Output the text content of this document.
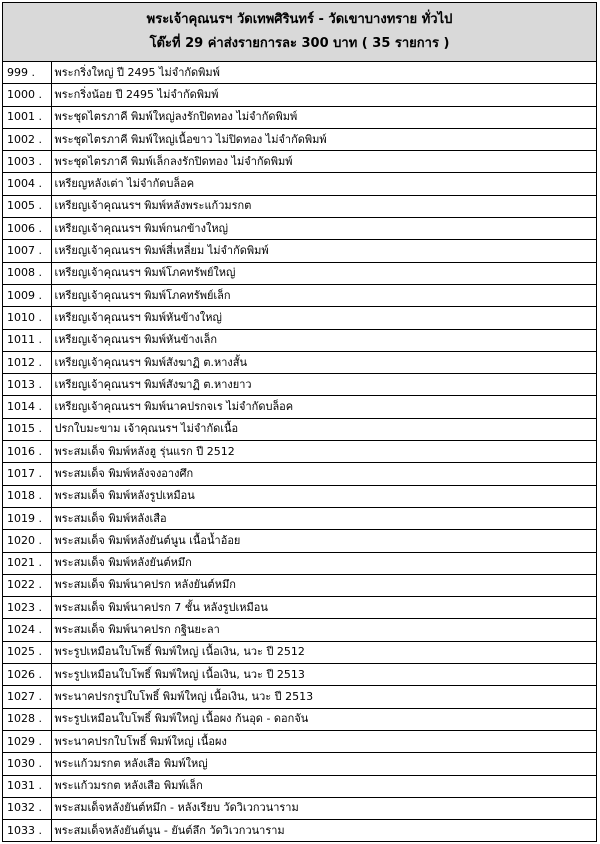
พระเจ้าคุณนรฯ วัดเทพศิรินทร์ - วัดเขาบางทราย ทั่วไป
โต๊ะที่ 29 ค่าส่งรายการละ 300 บาท ( 35 รายการ )
999 .	พระกริ่งใหญ่ ปี 2495 ไม่จำกัดพิมพ์
1000 .	พระกริ่งน้อย ปี 2495 ไม่จำกัดพิมพ์
1001 .	พระชุดไตรภาคี พิมพ์ใหญ่ลงรักปิดทอง ไม่จำกัดพิมพ์
1002 .	พระชุดไตรภาคี พิมพ์ใหญ่เนื้อขาว ไม่ปิดทอง ไม่จำกัดพิมพ์
1003 .	พระชุดไตรภาคี พิมพ์เล็กลงรักปิดทอง ไม่จำกัดพิมพ์
1004 .	เหรียญหลังเต่า ไม่จำกัดบล็อค
1005 .	เหรียญเจ้าคุณนรฯ พิมพ์หลังพระแก้วมรกต
1006 .	เหรียญเจ้าคุณนรฯ พิมพ์กนกข้างใหญ่
1007 .	เหรียญเจ้าคุณนรฯ พิมพ์สี่เหลี่ยม ไม่จำกัดพิมพ์
1008 .	เหรียญเจ้าคุณนรฯ พิมพ์โภคทรัพย์ใหญ่
1009 .	เหรียญเจ้าคุณนรฯ พิมพ์โภคทรัพย์เล็ก
1010 .	เหรียญเจ้าคุณนรฯ พิมพ์หันข้างใหญ่
1011 .	เหรียญเจ้าคุณนรฯ พิมพ์หันข้างเล็ก
1012 .	เหรียญเจ้าคุณนรฯ พิมพ์สังฆาฏิ ต.หางสั้น
1013 .	เหรียญเจ้าคุณนรฯ พิมพ์สังฆาฏิ ต.หางยาว
1014 .	เหรียญเจ้าคุณนรฯ พิมพ์นาคปรกจเร ไม่จำกัดบล็อค
1015 .	ปรกใบมะขาม เจ้าคุณนรฯ ไม่จำกัดเนื้อ
1016 .	พระสมเด็จ พิมพ์หลังฮู รุ่นแรก ปี 2512
1017 .	พระสมเด็จ พิมพ์หลังจงอางศึก
1018 .	พระสมเด็จ พิมพ์หลังรูปเหมือน
1019 .	พระสมเด็จ พิมพ์หลังเสือ
1020 .	พระสมเด็จ พิมพ์หลังยันต์นูน เนื้อน้ำอ้อย
1021 .	พระสมเด็จ พิมพ์หลังยันต์หมึก
1022 .	พระสมเด็จ พิมพ์นาคปรก หลังยันต์หมึก
1023 .	พระสมเด็จ พิมพ์นาคปรก 7 ชั้น หลังรูปเหมือน
1024 .	พระสมเด็จ พิมพ์นาคปรก กฐินยะลา
1025 .	พระรูปเหมือนใบโพธิ์ พิมพ์ใหญ่ เนื้อเงิน, นวะ ปี 2512
1026 .	พระรูปเหมือนใบโพธิ์ พิมพ์ใหญ่ เนื้อเงิน, นวะ ปี 2513
1027 .	พระนาคปรกรูปใบโพธิ์ พิมพ์ใหญ่ เนื้อเงิน, นวะ ปี 2513
1028 .	พระรูปเหมือนใบโพธิ์ พิมพ์ใหญ่ เนื้อผง ก้นอุด - ดอกจัน
1029 .	พระนาคปรกใบโพธิ์ พิมพ์ใหญ่ เนื้อผง
1030 .	พระแก้วมรกต หลังเสือ พิมพ์ใหญ่
1031 .	พระแก้วมรกต หลังเสือ พิมพ์เล็ก
1032 .	พระสมเด็จหลังยันต์หมึก - หลังเรียบ วัดวิเวกวนาราม
1033 .	พระสมเด็จหลังยันต์นูน - ยันต์ลึก วัดวิเวกวนาราม
